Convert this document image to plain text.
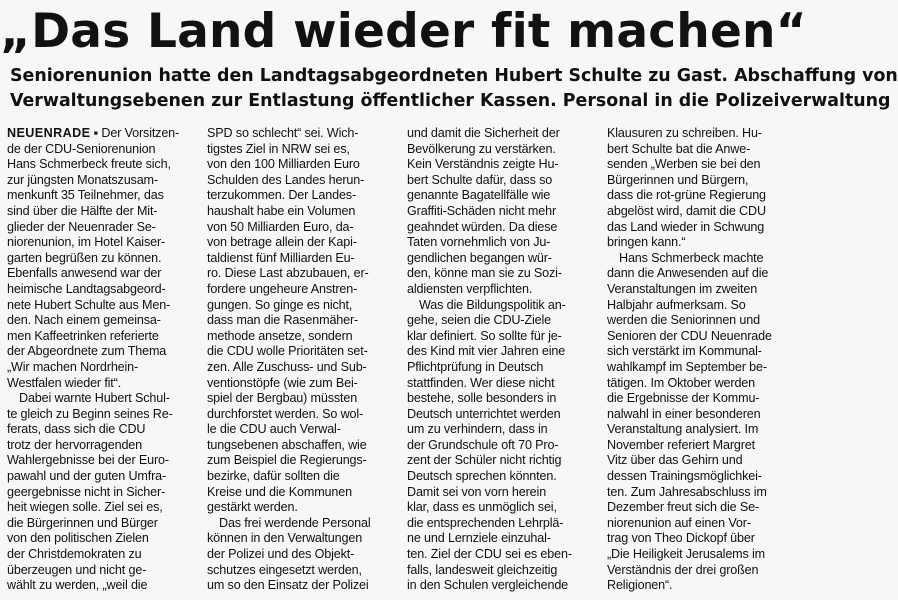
„Das Land wieder fit machen“
Seniorenunion hatte den Landtagsabgeordneten Hubert Schulte zu Gast. Abschaffung von
Verwaltungsebenen zur Entlastung öffentlicher Kassen. Personal in die Polizeiverwaltung
NEUENRADE ▪ Der Vorsitzen-
de der CDU-Seniorenunion
Hans Schmerbeck freute sich,
zur jüngsten Monatszusam-
menkunft 35 Teilnehmer, das
sind über die Hälfte der Mit-
glieder der Neuenrader Se-
niorenunion, im Hotel Kaiser-
garten begrüßen zu können.
Ebenfalls anwesend war der
heimische Landtagsabgeord-
nete Hubert Schulte aus Men-
den. Nach einem gemeinsa-
men Kaffeetrinken referierte
der Abgeordnete zum Thema
„Wir machen Nordrhein-
Westfalen wieder fit“.
Dabei warnte Hubert Schul-
te gleich zu Beginn seines Re-
ferats, dass sich die CDU
trotz der hervorragenden
Wahlergebnisse bei der Euro-
pawahl und der guten Umfra-
geergebnisse nicht in Sicher-
heit wiegen solle. Ziel sei es,
die Bürgerinnen und Bürger
von den politischen Zielen
der Christdemokraten zu
überzeugen und nicht ge-
wählt zu werden, „weil die
SPD so schlecht“ sei. Wich-
tigstes Ziel in NRW sei es,
von den 100 Milliarden Euro
Schulden des Landes herun-
terzukommen. Der Landes-
haushalt habe ein Volumen
von 50 Milliarden Euro, da-
von betrage allein der Kapi-
taldienst fünf Milliarden Eu-
ro. Diese Last abzubauen, er-
fordere ungeheure Anstren-
gungen. So ginge es nicht,
dass man die Rasenmäher-
methode ansetze, sondern
die CDU wolle Prioritäten set-
zen. Alle Zuschuss- und Sub-
ventionstöpfe (wie zum Bei-
spiel der Bergbau) müssten
durchforstet werden. So wol-
le die CDU auch Verwal-
tungsebenen abschaffen, wie
zum Beispiel die Regierungs-
bezirke, dafür sollten die
Kreise und die Kommunen
gestärkt werden.
Das frei werdende Personal
können in den Verwaltungen
der Polizei und des Objekt-
schutzes eingesetzt werden,
um so den Einsatz der Polizei
und damit die Sicherheit der
Bevölkerung zu verstärken.
Kein Verständnis zeigte Hu-
bert Schulte dafür, dass so
genannte Bagatellfälle wie
Graffiti-Schäden nicht mehr
geahndet würden. Da diese
Taten vornehmlich von Ju-
gendlichen begangen wür-
den, könne man sie zu Sozi-
aldiensten verpflichten.
Was die Bildungspolitik an-
gehe, seien die CDU-Ziele
klar definiert. So sollte für je-
des Kind mit vier Jahren eine
Pflichtprüfung in Deutsch
stattfinden. Wer diese nicht
bestehe, solle besonders in
Deutsch unterrichtet werden
um zu verhindern, dass in
der Grundschule oft 70 Pro-
zent der Schüler nicht richtig
Deutsch sprechen könnten.
Damit sei von vorn herein
klar, dass es unmöglich sei,
die entsprechenden Lehrplä-
ne und Lernziele einzuhal-
ten. Ziel der CDU sei es eben-
falls, landesweit gleichzeitig
in den Schulen vergleichende
Klausuren zu schreiben. Hu-
bert Schulte bat die Anwe-
senden „Werben sie bei den
Bürgerinnen und Bürgern,
dass die rot-grüne Regierung
abgelöst wird, damit die CDU
das Land wieder in Schwung
bringen kann.“
Hans Schmerbeck machte
dann die Anwesenden auf die
Veranstaltungen im zweiten
Halbjahr aufmerksam. So
werden die Seniorinnen und
Senioren der CDU Neuenrade
sich verstärkt im Kommunal-
wahlkampf im September be-
tätigen. Im Oktober werden
die Ergebnisse der Kommu-
nalwahl in einer besonderen
Veranstaltung analysiert. Im
November referiert Margret
Vitz über das Gehirn und
dessen Trainingsmöglichkei-
ten. Zum Jahresabschluss im
Dezember freut sich die Se-
niorenunion auf einen Vor-
trag von Theo Dickopf über
„Die Heiligkeit Jerusalems im
Verständnis der drei großen
Religionen“.
